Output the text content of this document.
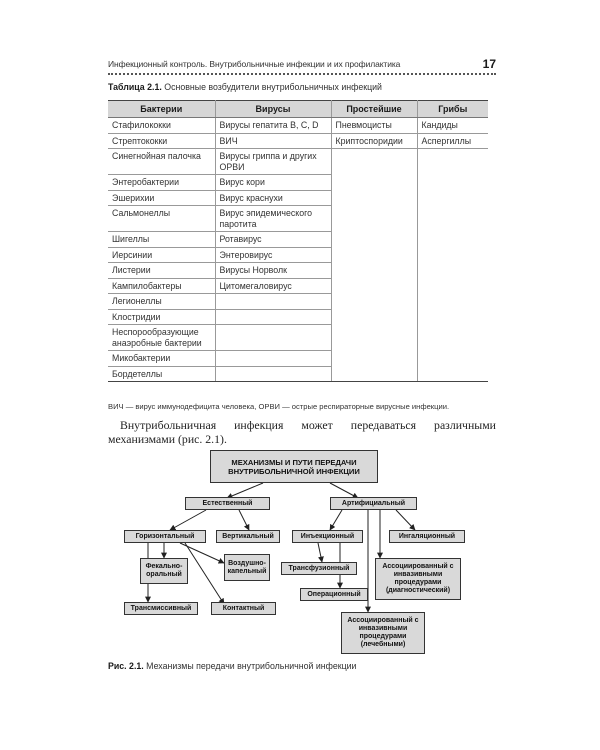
Инфекционный контроль. Внутрибольничные инфекции и их профилактика	17
Таблица 2.1. Основные возбудители внутрибольничных инфекций
Бактерии	Вирусы	Простейшие	Грибы
Стафилококки	Вирусы гепатита B, C, D	Пневмоцисты	Кандиды
Стрептококки	ВИЧ	Криптоспоридии	Аспергиллы
Синегнойная палочка	Вирусы гриппа и других ОРВИ		
Энтеробактерии	Вирус кори		
Эшерихии	Вирус краснухи		
Сальмонеллы	Вирус эпидемического паротита		
Шигеллы	Ротавирус		
Иерсинии	Энтеровирус		
Листерии	Вирусы Норволк		
Кампилобактеры	Цитомегаловирус		
Легионеллы			
Клостридии			
Неспорообразующие анаэробные бактерии			
Микобактерии			
Бордетеллы			
ВИЧ — вирус иммунодефицита человека, ОРВИ — острые респираторные вирусные инфекции.
Внутрибольничная инфекция может передаваться различными механизмами (рис. 2.1).
МЕХАНИЗМЫ И ПУТИ ПЕРЕДАЧИ ВНУТРИБОЛЬНИЧНОЙ ИНФЕКЦИИ
Естественный	Артифициальный
Горизонтальный	Вертикальный	Инъекционный	Ингаляционный
Фекально-оральный
Воздушно-капельный	Трансфузионный	Ассоциированный с инвазивными процедурами (диагностический)
Операционный
Трансмиссивный	Контактный
Ассоциированный с инвазивными процедурами (лечебными)
Рис. 2.1. Механизмы передачи внутрибольничной инфекции
